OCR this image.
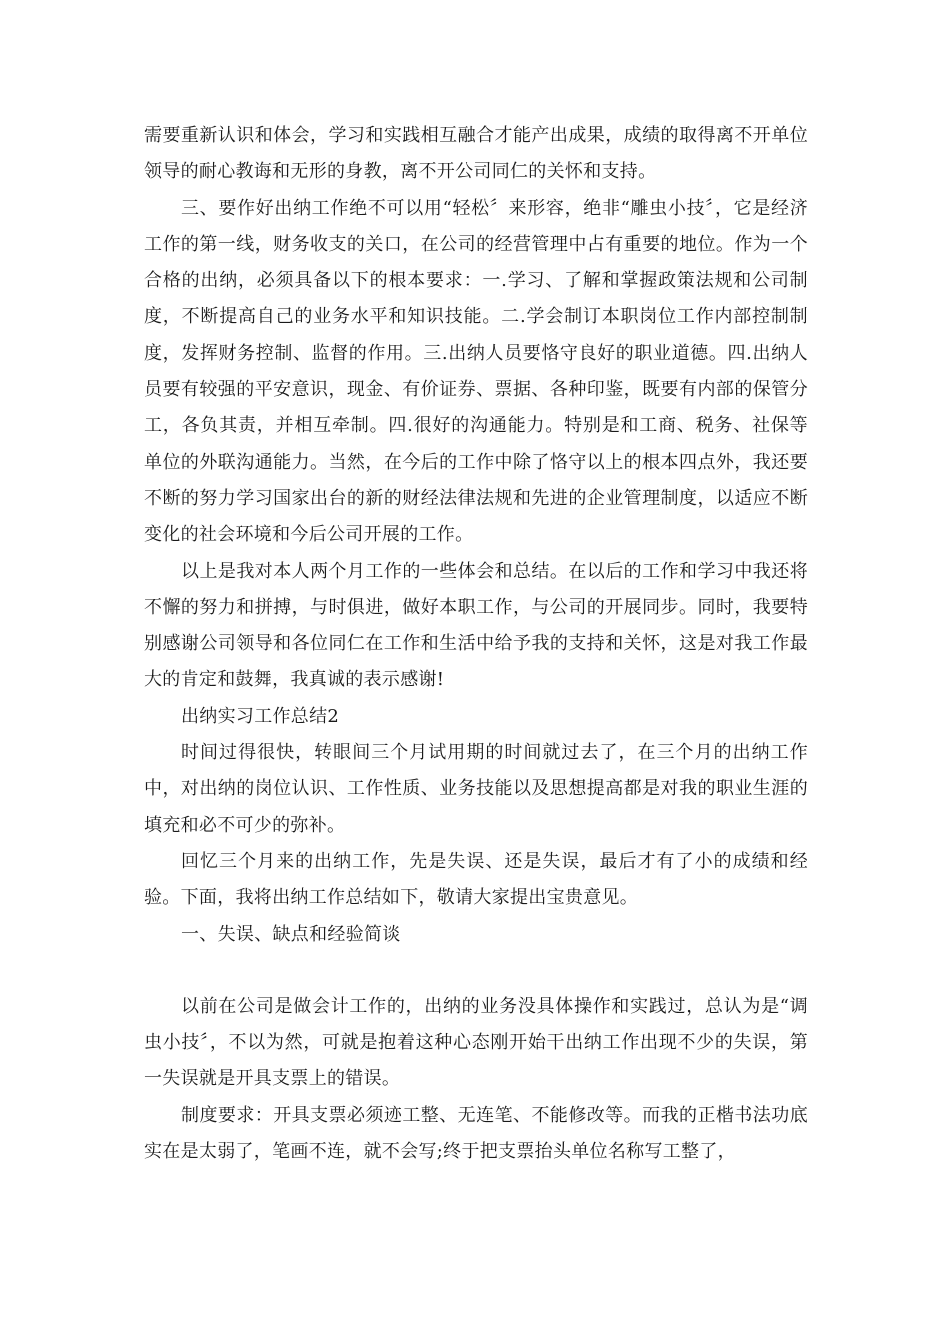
需要重新认识和体会，学习和实践相互融合才能产出成果，成绩的取得离不开单位领导的耐心教诲和无形的身教，离不开公司同仁的关怀和支持。

三、要作好出纳工作绝不可以用“轻松〞来形容，绝非“雕虫小技〞，它是经济工作的第一线，财务收支的关口，在公司的经营管理中占有重要的地位。作为一个合格的出纳，必须具备以下的根本要求：一.学习、了解和掌握政策法规和公司制度，不断提高自己的业务水平和知识技能。二.学会制订本职岗位工作内部控制制度，发挥财务控制、监督的作用。三.出纳人员要恪守良好的职业道德。四.出纳人员要有较强的平安意识，现金、有价证券、票据、各种印鉴，既要有内部的保管分工，各负其责，并相互牵制。四.很好的沟通能力。特别是和工商、税务、社保等单位的外联沟通能力。当然，在今后的工作中除了恪守以上的根本四点外，我还要不断的努力学习国家出台的新的财经法律法规和先进的企业管理制度，以适应不断变化的社会环境和今后公司开展的工作。

以上是我对本人两个月工作的一些体会和总结。在以后的工作和学习中我还将不懈的努力和拼搏，与时俱进，做好本职工作，与公司的开展同步。同时，我要特别感谢公司领导和各位同仁在工作和生活中给予我的支持和关怀，这是对我工作最大的肯定和鼓舞，我真诚的表示感谢!

出纳实习工作总结2

时间过得很快，转眼间三个月试用期的时间就过去了，在三个月的出纳工作中，对出纳的岗位认识、工作性质、业务技能以及思想提高都是对我的职业生涯的填充和必不可少的弥补。

回忆三个月来的出纳工作，先是失误、还是失误，最后才有了小的成绩和经验。下面，我将出纳工作总结如下，敬请大家提出宝贵意见。

一、失误、缺点和经验简谈

以前在公司是做会计工作的，出纳的业务没具体操作和实践过，总认为是“调虫小技〞，不以为然，可就是抱着这种心态刚开始干出纳工作出现不少的失误，第一失误就是开具支票上的错误。

制度要求：开具支票必须迹工整、无连笔、不能修改等。而我的正楷书法功底实在是太弱了，笔画不连，就不会写;终于把支票抬头单位名称写工整了，
